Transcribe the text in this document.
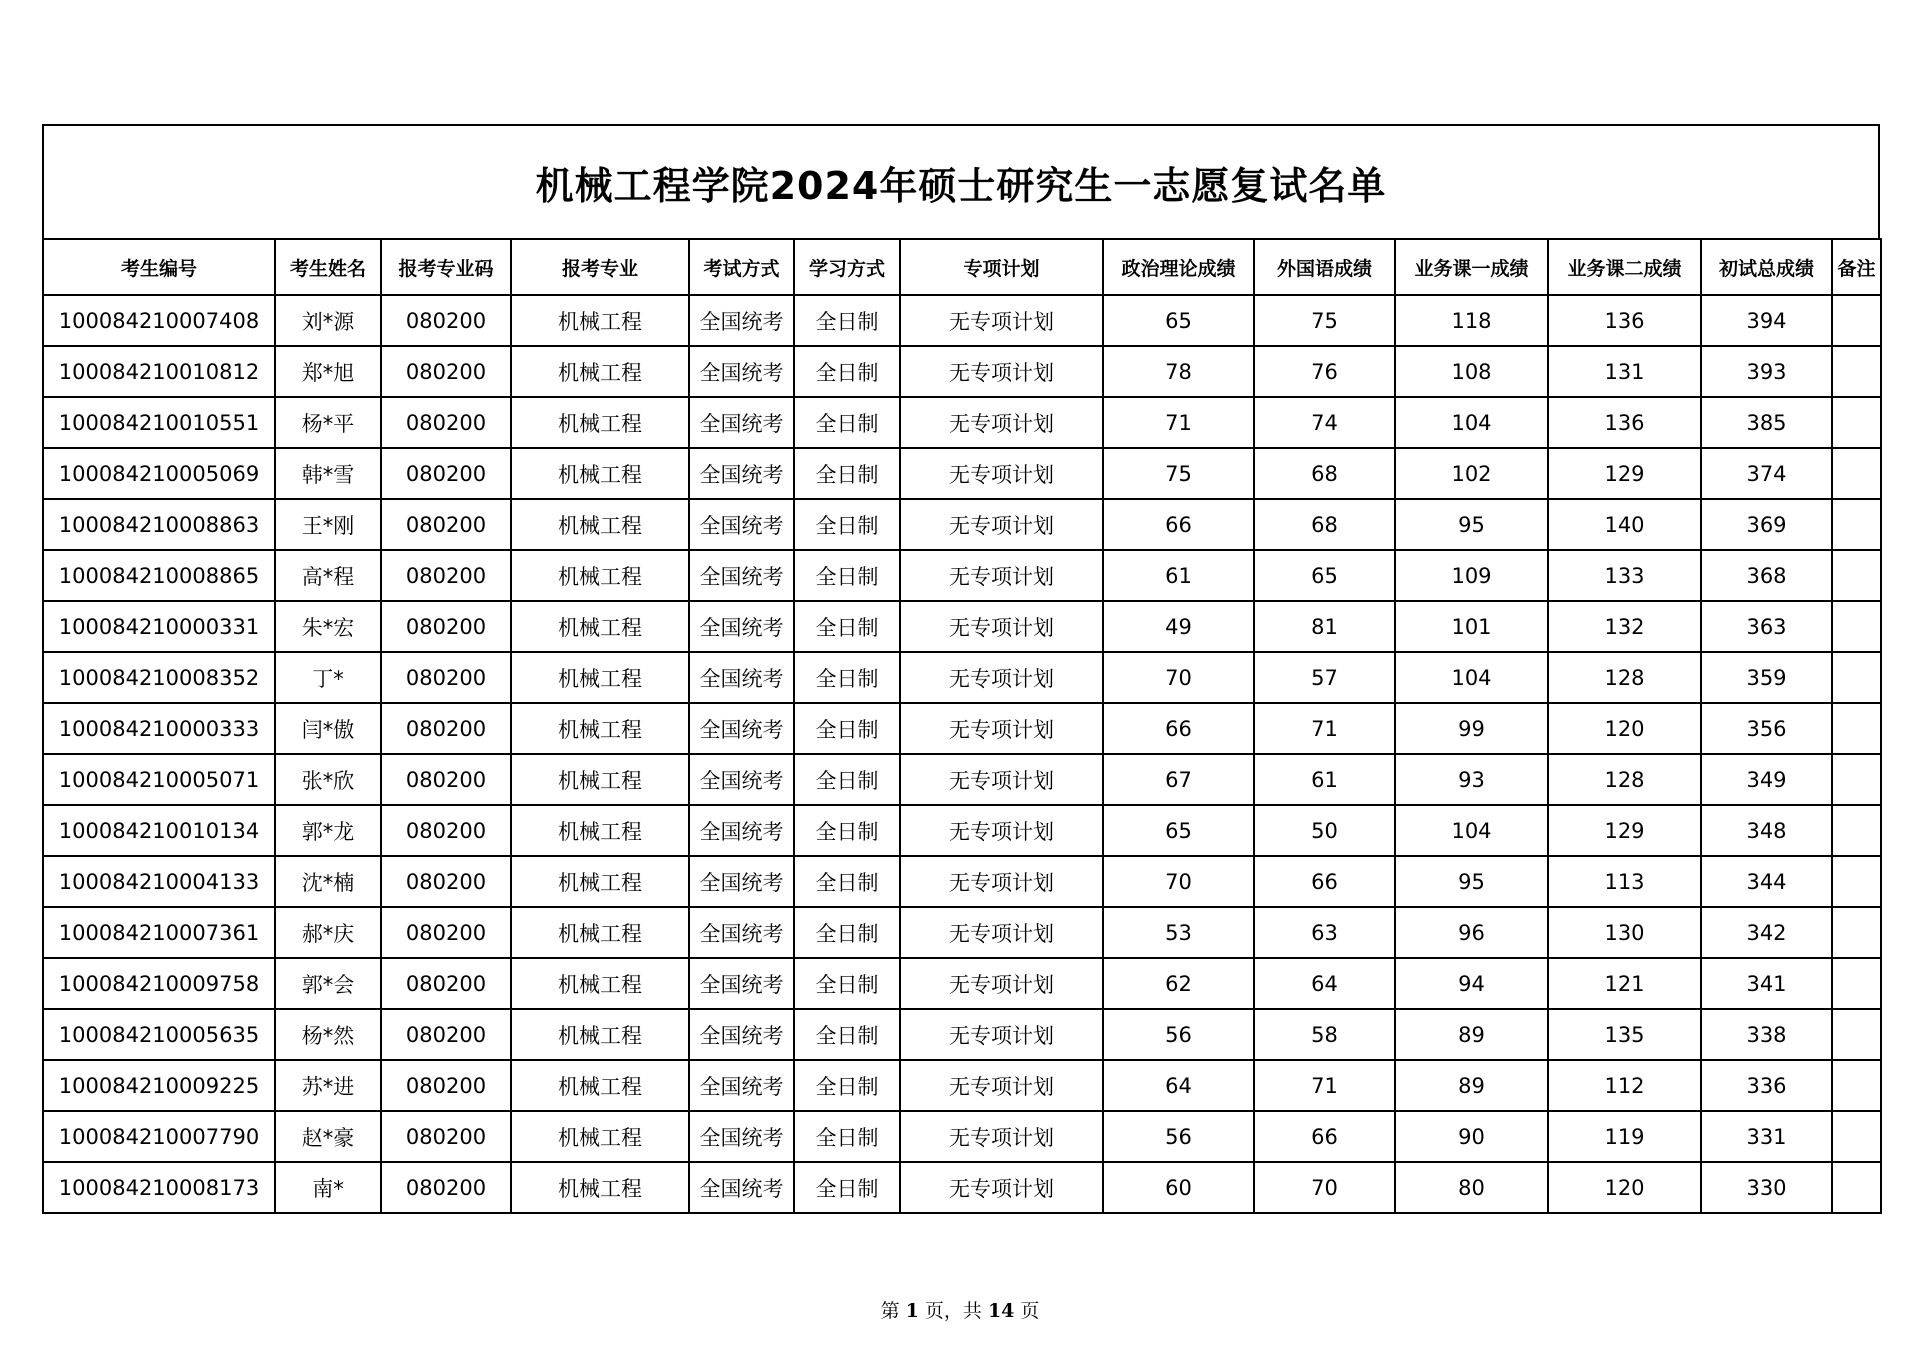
机械工程学院2024年硕士研究生一志愿复试名单
考生编号	考生姓名	报考专业码	报考专业	考试方式	学习方式	专项计划	政治理论成绩	外国语成绩	业务课一成绩	业务课二成绩	初试总成绩	备注
100084210007408	刘*源	080200	机械工程	全国统考	全日制	无专项计划	65	75	118	136	394	
100084210010812	郑*旭	080200	机械工程	全国统考	全日制	无专项计划	78	76	108	131	393	
100084210010551	杨*平	080200	机械工程	全国统考	全日制	无专项计划	71	74	104	136	385	
100084210005069	韩*雪	080200	机械工程	全国统考	全日制	无专项计划	75	68	102	129	374	
100084210008863	王*刚	080200	机械工程	全国统考	全日制	无专项计划	66	68	95	140	369	
100084210008865	高*程	080200	机械工程	全国统考	全日制	无专项计划	61	65	109	133	368	
100084210000331	朱*宏	080200	机械工程	全国统考	全日制	无专项计划	49	81	101	132	363	
100084210008352	丁*	080200	机械工程	全国统考	全日制	无专项计划	70	57	104	128	359	
100084210000333	闫*傲	080200	机械工程	全国统考	全日制	无专项计划	66	71	99	120	356	
100084210005071	张*欣	080200	机械工程	全国统考	全日制	无专项计划	67	61	93	128	349	
100084210010134	郭*龙	080200	机械工程	全国统考	全日制	无专项计划	65	50	104	129	348	
100084210004133	沈*楠	080200	机械工程	全国统考	全日制	无专项计划	70	66	95	113	344	
100084210007361	郝*庆	080200	机械工程	全国统考	全日制	无专项计划	53	63	96	130	342	
100084210009758	郭*会	080200	机械工程	全国统考	全日制	无专项计划	62	64	94	121	341	
100084210005635	杨*然	080200	机械工程	全国统考	全日制	无专项计划	56	58	89	135	338	
100084210009225	苏*进	080200	机械工程	全国统考	全日制	无专项计划	64	71	89	112	336	
100084210007790	赵*豪	080200	机械工程	全国统考	全日制	无专项计划	56	66	90	119	331	
100084210008173	南*	080200	机械工程	全国统考	全日制	无专项计划	60	70	80	120	330	
第 1 页，共 14 页
